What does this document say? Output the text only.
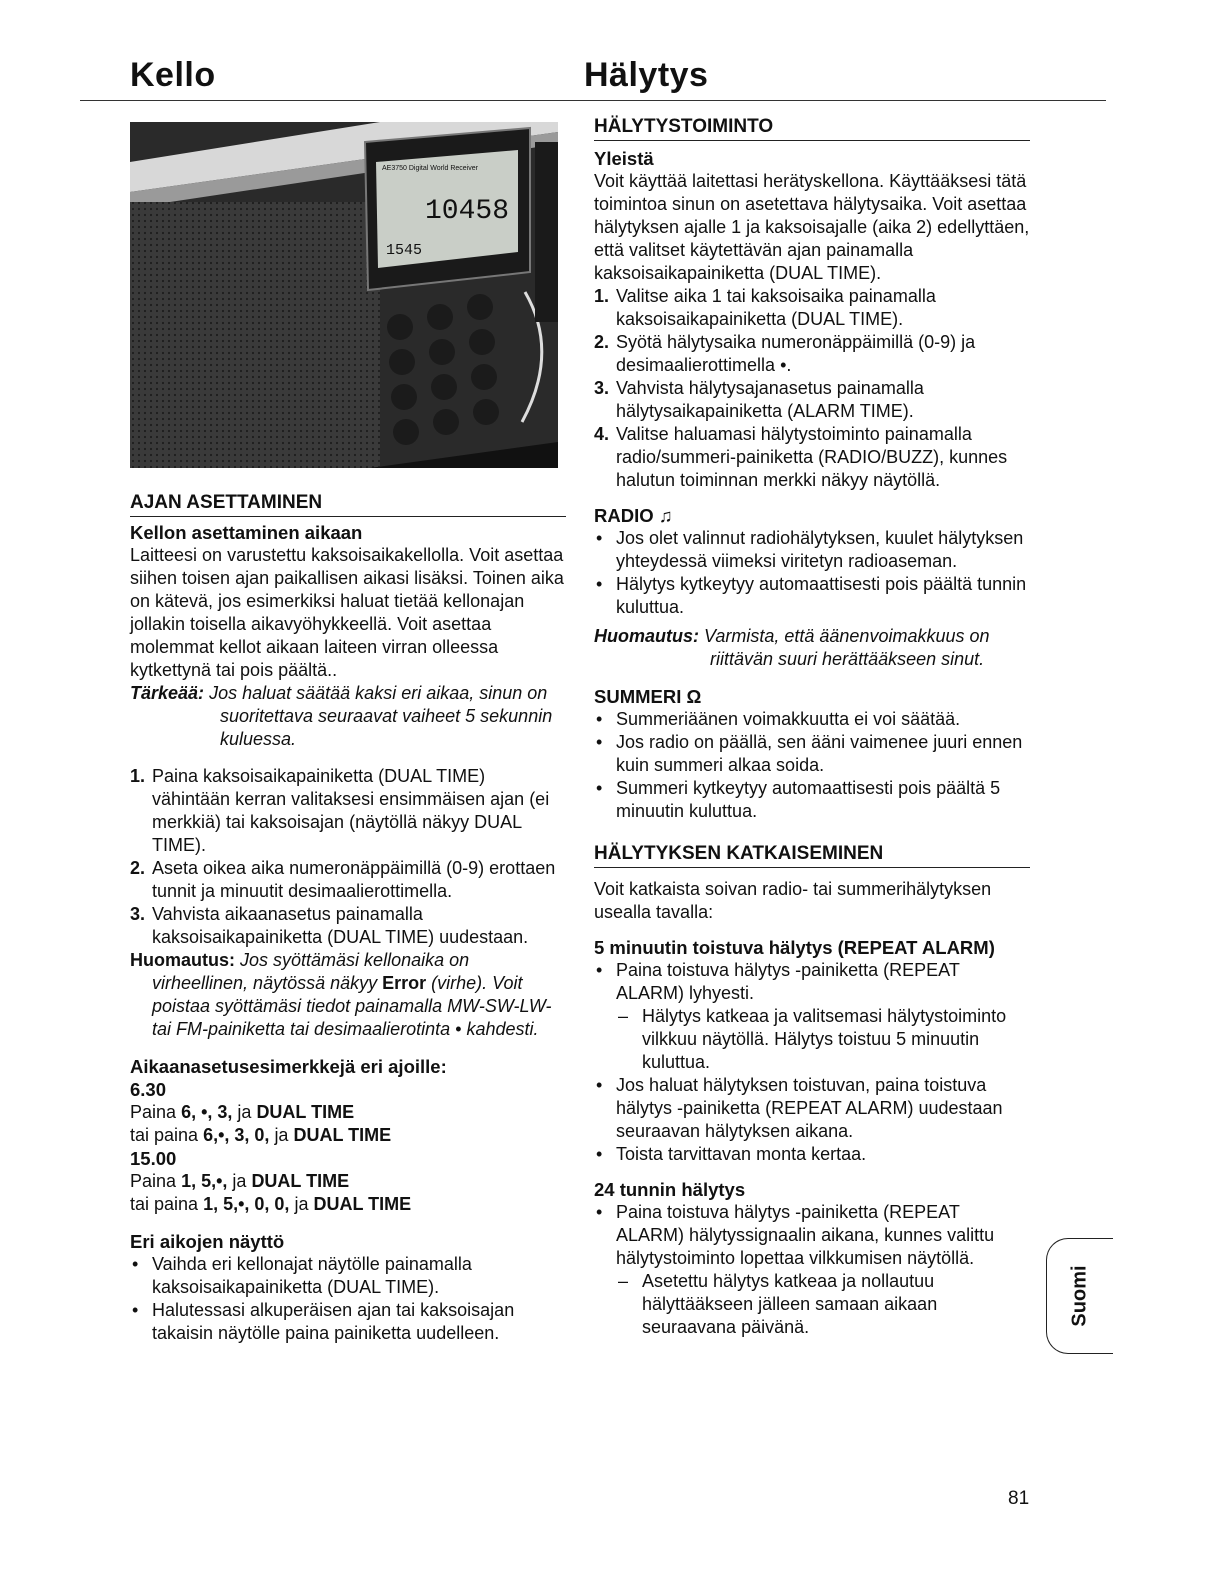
Kello	Hälytys
AE3750 Digital World Receiver
10458
1545
AJAN ASETTAMINEN
Kellon asettaminen aikaan

Laitteesi on varustettu kaksoisaikakellolla. Voit asettaa siihen toisen ajan paikallisen aikasi lisäksi. Toinen aika on kätevä, jos esimerkiksi haluat tietää kellonajan jollakin toisella aikavyöhykkeellä. Voit asettaa molemmat kellot aikaan laiteen virran olleessa kytkettynä tai pois päältä..

Tärkeää: Jos haluat säätää kaksi eri aikaa, sinun on suoritettava seuraavat vaiheet 5 sekunnin kuluessa.

1. Paina kaksoisaikapainiketta (DUAL TIME) vähintään kerran valitaksesi ensimmäisen ajan (ei merkkiä) tai kaksoisajan (näytöllä näkyy DUAL TIME).
2. Aseta oikea aika numeronäppäimillä (0-9) erottaen tunnit ja minuutit desimaalierottimella.
3. Vahvista aikaanasetus painamalla kaksoisaikapainiketta (DUAL TIME) uudestaan.

Huomautus: Jos syöttämäsi kellonaika on virheellinen, näytössä näkyy Error (virhe). Voit poistaa syöttämäsi tiedot painamalla MW-SW-LW- tai FM-painiketta tai desimaalierotinta • kahdesti.

Aikaanasetusesimerkkejä eri ajoille:
6.30

Paina 6, •, 3, ja DUAL TIME

tai paina 6,•, 3, 0, ja DUAL TIME

15.00

Paina 1, 5,•, ja DUAL TIME

tai paina 1, 5,•, 0, 0, ja DUAL TIME

Eri aikojen näyttö
• Vaihda eri kellonajat näytölle painamalla kaksoisaikapainiketta (DUAL TIME).
• Halutessasi alkuperäisen ajan tai kaksoisajan takaisin näytölle paina painiketta uudelleen.
HÄLYTYSTOIMINTO
Yleistä

Voit käyttää laitettasi herätyskellona. Käyttääksesi tätä toimintoa sinun on asetettava hälytysaika. Voit asettaa hälytyksen ajalle 1 ja kaksoisajalle (aika 2) edellyttäen, että valitset käytettävän ajan painamalla kaksoisaikapainiketta (DUAL TIME).

1. Valitse aika 1 tai kaksoisaika painamalla kaksoisaikapainiketta (DUAL TIME).
2. Syötä hälytysaika numeronäppäimillä (0-9) ja desimaalierottimella •.
3. Vahvista hälytysajanasetus painamalla hälytysaikapainiketta (ALARM TIME).
4. Valitse haluamasi hälytystoiminto painamalla radio/summeri-painiketta (RADIO/BUZZ), kunnes halutun toiminnan merkki näkyy näytöllä.
RADIO ♫
• Jos olet valinnut radiohälytyksen, kuulet hälytyksen yhteydessä viimeksi viritetyn radioaseman.
• Hälytys kytkeytyy automaattisesti pois päältä tunnin kuluttua.

Huomautus: Varmista, että äänenvoimakkuus on riittävän suuri herättääkseen sinut.

SUMMERI Ω
• Summeriäänen voimakkuutta ei voi säätää.
• Jos radio on päällä, sen ääni vaimenee juuri ennen kuin summeri alkaa soida.
• Summeri kytkeytyy automaattisesti pois päältä 5 minuutin kuluttua.
HÄLYTYKSEN KATKAISEMINEN

Voit katkaista soivan radio- tai summerihälytyksen usealla tavalla:

5 minuutin toistuva hälytys (REPEAT ALARM)
• Paina toistuva hälytys -painiketta (REPEAT ALARM) lyhyesti.
– Hälytys katkeaa ja valitsemasi hälytystoiminto vilkkuu näytöllä. Hälytys toistuu 5 minuutin kuluttua.
• Jos haluat hälytyksen toistuvan, paina toistuva hälytys -painiketta (REPEAT ALARM) uudestaan seuraavan hälytyksen aikana.
• Toista tarvittavan monta kertaa.
24 tunnin hälytys
• Paina toistuva hälytys -painiketta (REPEAT ALARM) hälytyssignaalin aikana, kunnes valittu hälytystoiminto lopettaa vilkkumisen näytöllä.
– Asetettu hälytys katkeaa ja nollautuu hälyttääkseen jälleen samaan aikaan seuraavana päivänä.
Suomi
81
